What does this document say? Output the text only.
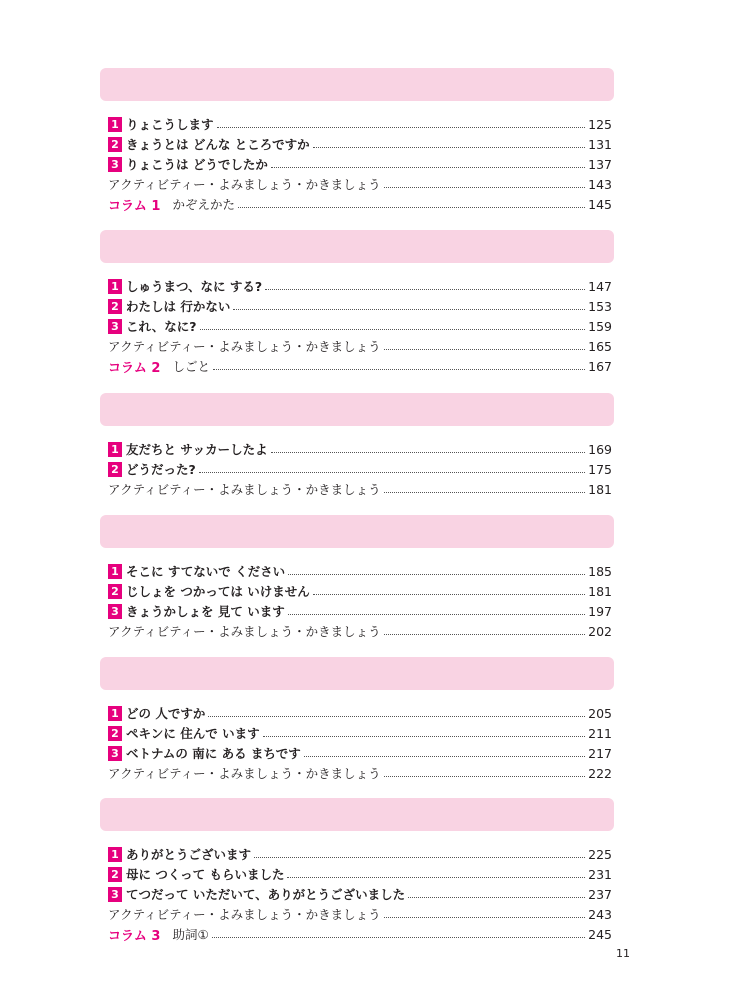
1 りょこうします	125
2 きょうとは どんな ところですか	131
3 りょこうは どうでしたか	137
アクティビティー・よみましょう・かきましょう	143
コラム 1 かぞえかた	145
1 しゅうまつ、なに する?	147
2 わたしは 行かない	153
3 これ、なに?	159
アクティビティー・よみましょう・かきましょう	165
コラム 2 しごと	167
1 友だちと サッカーしたよ	169
2 どうだった?	175
アクティビティー・よみましょう・かきましょう	181
1 そこに すてないで ください	185
2 じしょを つかっては いけません	181
3 きょうかしょを 見て います	197
アクティビティー・よみましょう・かきましょう	202
1 どの 人ですか	205
2 ペキンに 住んで います	211
3 ベトナムの 南に ある まちです	217
アクティビティー・よみましょう・かきましょう	222
1 ありがとうございます	225
2 母に つくって もらいました	231
3 てつだって いただいて、ありがとうございました	237
アクティビティー・よみましょう・かきましょう	243
コラム 3 助詞①	245
11
